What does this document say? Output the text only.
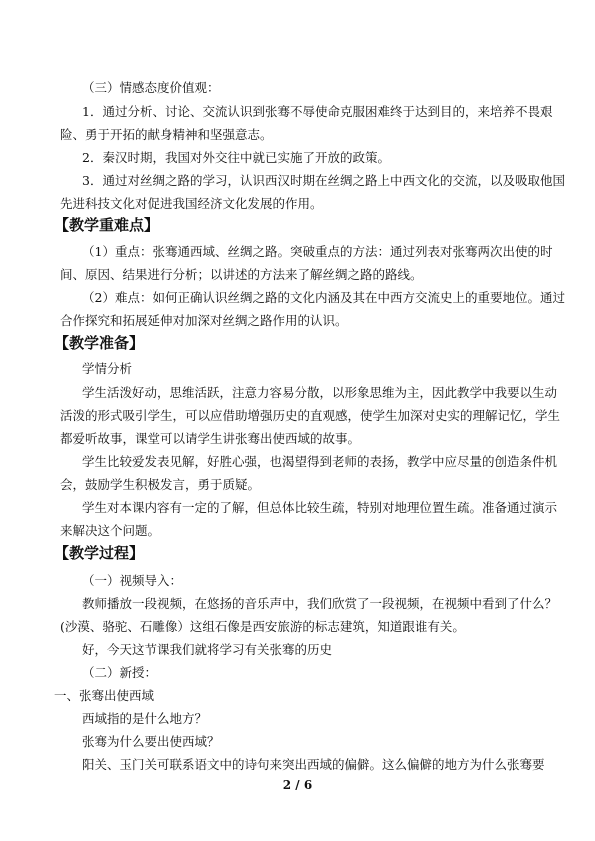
（三）情感态度价值观：
1．通过分析、讨论、交流认识到张骞不辱使命克服困难终于达到目的，来培养不畏艰
险、勇于开拓的献身精神和坚强意志。
2．秦汉时期，我国对外交往中就已实施了开放的政策。
3．通过对丝绸之路的学习，认识西汉时期在丝绸之路上中西文化的交流，以及吸取他国
先进科技文化对促进我国经济文化发展的作用。
【教学重难点】
（1）重点：张骞通西域、丝绸之路。突破重点的方法：通过列表对张骞两次出使的时
间、原因、结果进行分析；以讲述的方法来了解丝绸之路的路线。
（2）难点：如何正确认识丝绸之路的文化内涵及其在中西方交流史上的重要地位。通过
合作探究和拓展延伸对加深对丝绸之路作用的认识。
【教学准备】
学情分析
学生活泼好动，思维活跃，注意力容易分散，以形象思维为主，因此教学中我要以生动
活泼的形式吸引学生，可以应借助增强历史的直观感，使学生加深对史实的理解记忆，学生
都爱听故事，课堂可以请学生讲张骞出使西域的故事。
学生比较爱发表见解，好胜心强，也渴望得到老师的表扬，教学中应尽量的创造条件机
会，鼓励学生积极发言，勇于质疑。
学生对本课内容有一定的了解，但总体比较生疏，特别对地理位置生疏。准备通过演示
来解决这个问题。
【教学过程】
（一）视频导入：
教师播放一段视频，在悠扬的音乐声中，我们欣赏了一段视频，在视频中看到了什么？
(沙漠、骆驼、石雕像）这组石像是西安旅游的标志建筑，知道跟谁有关。
好，今天这节课我们就将学习有关张骞的历史
（二）新授：
一、张骞出使西域
西域指的是什么地方？
张骞为什么要出使西域？
阳关、玉门关可联系语文中的诗句来突出西域的偏僻。这么偏僻的地方为什么张骞要
2 / 6
